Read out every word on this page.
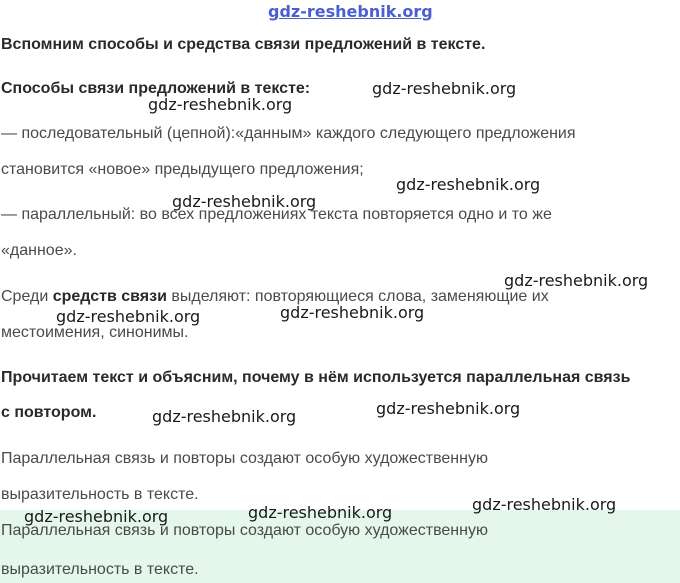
gdz-reshebnik.org
Вспомним способы и средства связи предложений в тексте.
Способы связи предложений в тексте:
— последовательный (цепной):«данным» каждого следующего предложения
становится «новое» предыдущего предложения;
— параллельный: во всех предложениях текста повторяется одно и то же
«данное».
Среди средств связи выделяют: повторяющиеся слова, заменяющие их
местоимения, синонимы.
Прочитаем текст и объясним, почему в нём используется параллельная связь
с повтором.
Параллельная связь и повторы создают особую художественную
выразительность в тексте.
Параллельная связь и повторы создают особую художественную
выразительность в тексте.
gdz-reshebnik.org
gdz-reshebnik.org
gdz-reshebnik.org
gdz-reshebnik.org
gdz-reshebnik.org
gdz-reshebnik.org	gdz-reshebnik.org
gdz-reshebnik.org
gdz-reshebnik.org
gdz-reshebnik.org
gdz-reshebnik.org
gdz-reshebnik.org
